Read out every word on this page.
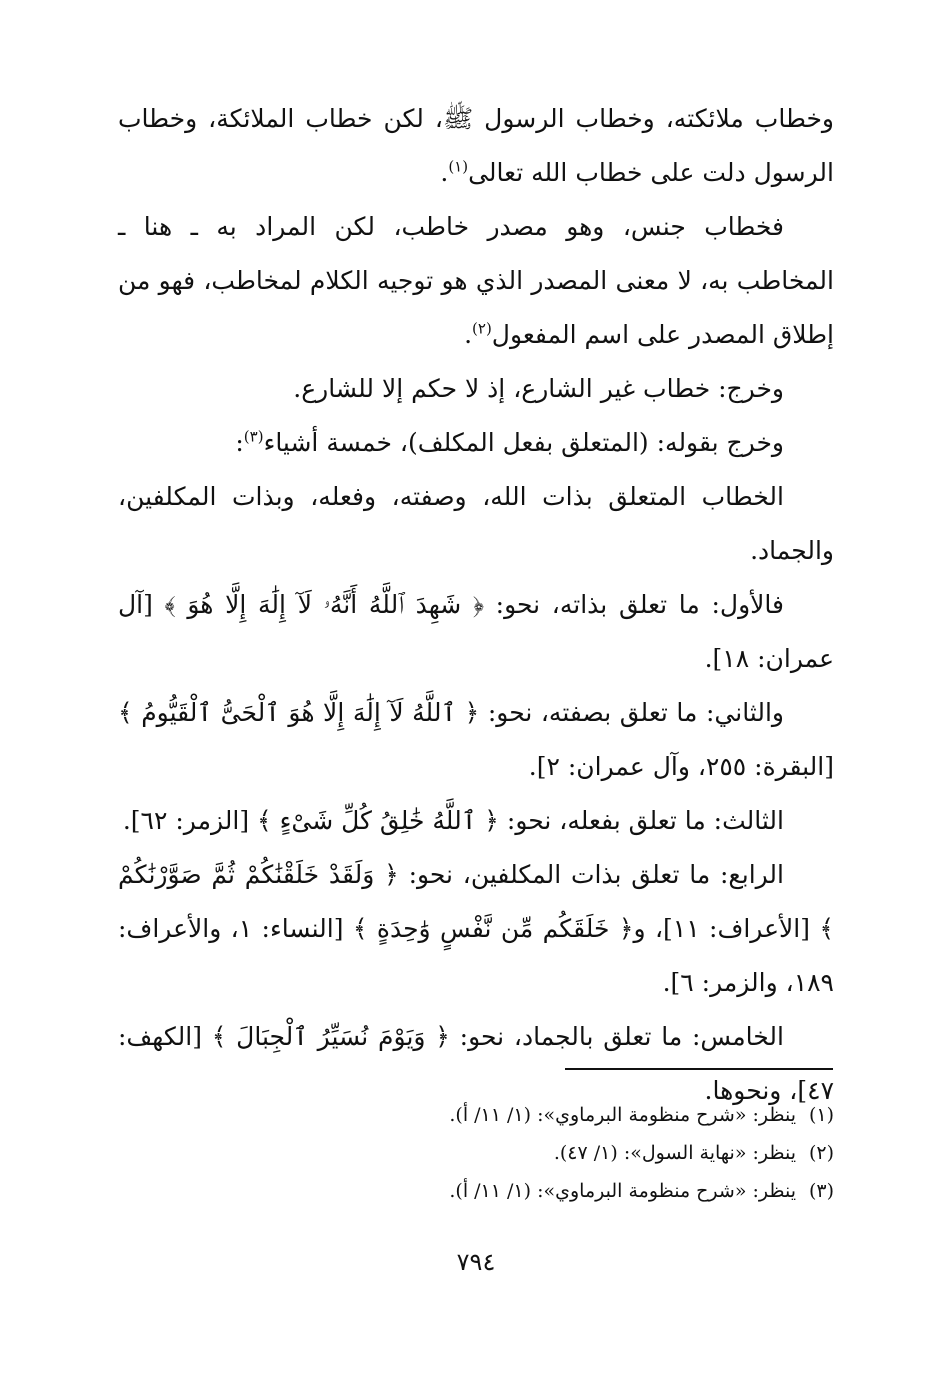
وخطاب ملائكته، وخطاب الرسول ﷺ، لكن خطاب الملائكة، وخطاب الرسول دلت على خطاب الله تعالى$^{(١)}$.

فخطاب جنس، وهو مصدر خاطب، لكن المراد به ـ هنا ـ المخاطب به، لا معنى المصدر الذي هو توجيه الكلام لمخاطب، فهو من إطلاق المصدر على اسم المفعول$^{(٢)}$.

وخرج: خطاب غير الشارع، إذ لا حكم إلا للشارع.

وخرج بقوله: (المتعلق بفعل المكلف)، خمسة أشياء$^{(٣)}$:

الخطاب المتعلق بذات الله، وصفته، وفعله، وبذات المكلفين، والجماد.

فالأول: ما تعلق بذاته، نحو: ﴿ شَهِدَ ٱللَّهُ أَنَّهُۥ لَآ إِلَٰهَ إِلَّا هُوَ ﴾ [آل عمران: ١٨].

والثاني: ما تعلق بصفته، نحو: ﴿ ٱللَّهُ لَآ إِلَٰهَ إِلَّا هُوَ ٱلْحَىُّ ٱلْقَيُّومُ ﴾ [البقرة: ٢٥٥، وآل عمران: ٢].

الثالث: ما تعلق بفعله، نحو: ﴿ ٱللَّهُ خَٰلِقُ كُلِّ شَىْءٍ ﴾ [الزمر: ٦٢].

الرابع: ما تعلق بذات المكلفين، نحو: ﴿ وَلَقَدْ خَلَقْنَٰكُمْ ثُمَّ صَوَّرْنَٰكُمْ ﴾ [الأعراف: ١١]، و﴿ خَلَقَكُم مِّن نَّفْسٍ وَٰحِدَةٍ ﴾ [النساء: ١، والأعراف: ١٨٩، والزمر: ٦].

الخامس: ما تعلق بالجماد، نحو: ﴿ وَيَوْمَ نُسَيِّرُ ٱلْجِبَالَ ﴾ [الكهف: ٤٧]، ونحوها.

(١)ينظر: «شرح منظومة البرماوي»: (١/ ١١/ أ).

(٢)ينظر: «نهاية السول»: (١/ ٤٧).

(٣)ينظر: «شرح منظومة البرماوي»: (١/ ١١/ أ).

٧٩٤
